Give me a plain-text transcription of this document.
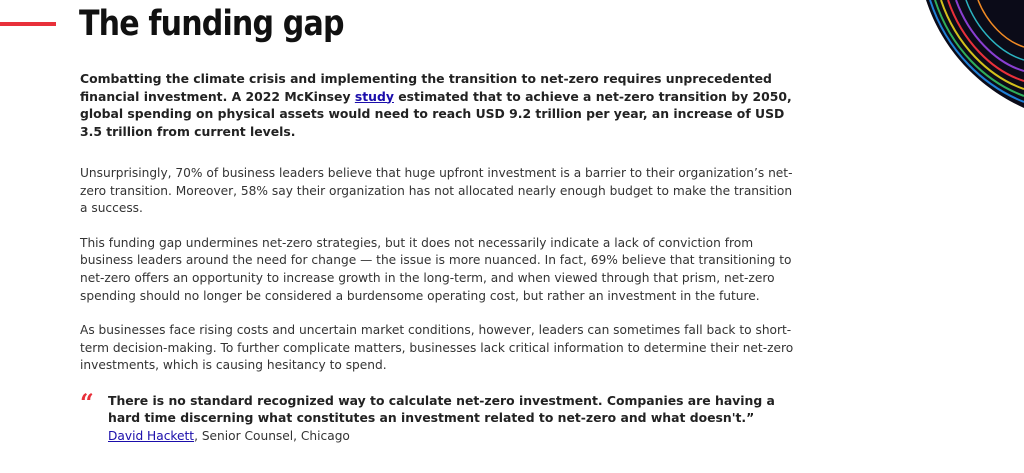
The funding gap

Combatting the climate crisis and implementing the transition to net-zero requires unprecedented financial investment. A 2022 McKinsey study estimated that to achieve a net-zero transition by 2050, global spending on physical assets would need to reach USD 9.2 trillion per year, an increase of USD 3.5 trillion from current levels.

Unsurprisingly, 70% of business leaders believe that huge upfront investment is a barrier to their organization’s net-zero transition. Moreover, 58% say their organization has not allocated nearly enough budget to make the transition
a success.

This funding gap undermines net-zero strategies, but it does not necessarily indicate a lack of conviction from business leaders around the need for change — the issue is more nuanced. In fact, 69% believe that transitioning to net-zero offers an opportunity to increase growth in the long-term, and when viewed through that prism, net-zero spending should no longer be considered a burdensome operating cost, but rather an investment in the future.

As businesses face rising costs and uncertain market conditions, however, leaders can sometimes fall back to short-term decision-making. To further complicate matters, businesses lack critical information to determine their net-zero investments, which is causing hesitancy to spend.

“ There is no standard recognized way to calculate net-zero investment. Companies are having a hard time discerning what constitutes an investment related to net-zero and what doesn't.”

David Hackett, Senior Counsel, Chicago
